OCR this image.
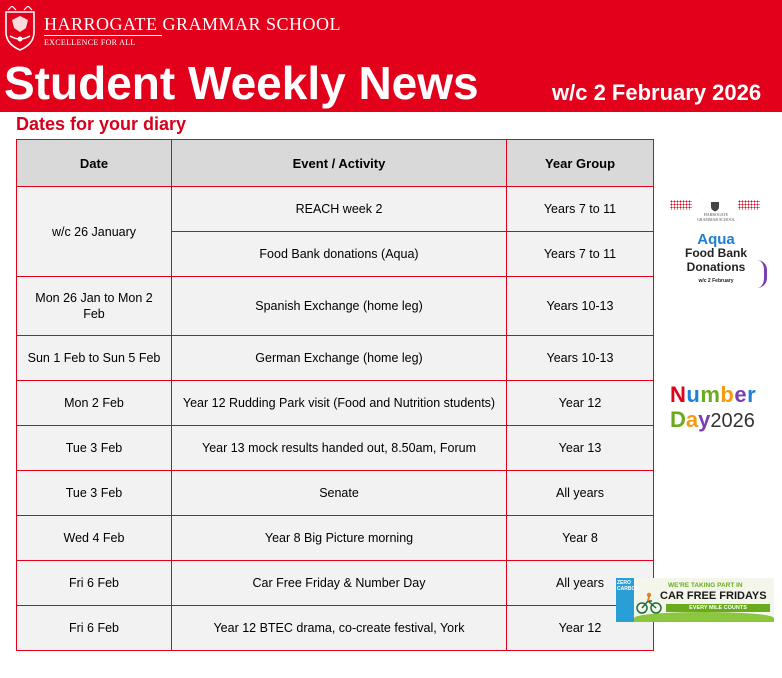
HARROGATE GRAMMAR SCHOOL
EXCELLENCE FOR ALL
Student Weekly News	w/c 2 February 2026
Dates for your diary
Date	Event / Activity	Year Group
w/c 26 January	REACH week 2	Years 7 to 11
	Food Bank donations (Aqua)	Years 7 to 11
Mon 26 Jan to Mon 2 Feb	Spanish Exchange (home leg)	Years 10-13
Sun 1 Feb to Sun 5 Feb	German Exchange (home leg)	Years 10-13
Mon 2 Feb	Year 12 Rudding Park visit (Food and Nutrition students)	Year 12
Tue 3 Feb	Year 13 mock results handed out, 8.50am, Forum	Year 13
Tue 3 Feb	Senate	All years
Wed 4 Feb	Year 8 Big Picture morning	Year 8
Fri 6 Feb	Car Free Friday & Number Day	All years
Fri 6 Feb	Year 12 BTEC drama, co-create festival, York	Year 12
HARROGATE GRAMMAR SCHOOL
Aqua
Food Bank
Donations
w/c 2 February
Number
Day2026
ZERO CARBON	WE'RE TAKING PART IN
CAR FREE FRIDAYS
EVERY MILE COUNTS
